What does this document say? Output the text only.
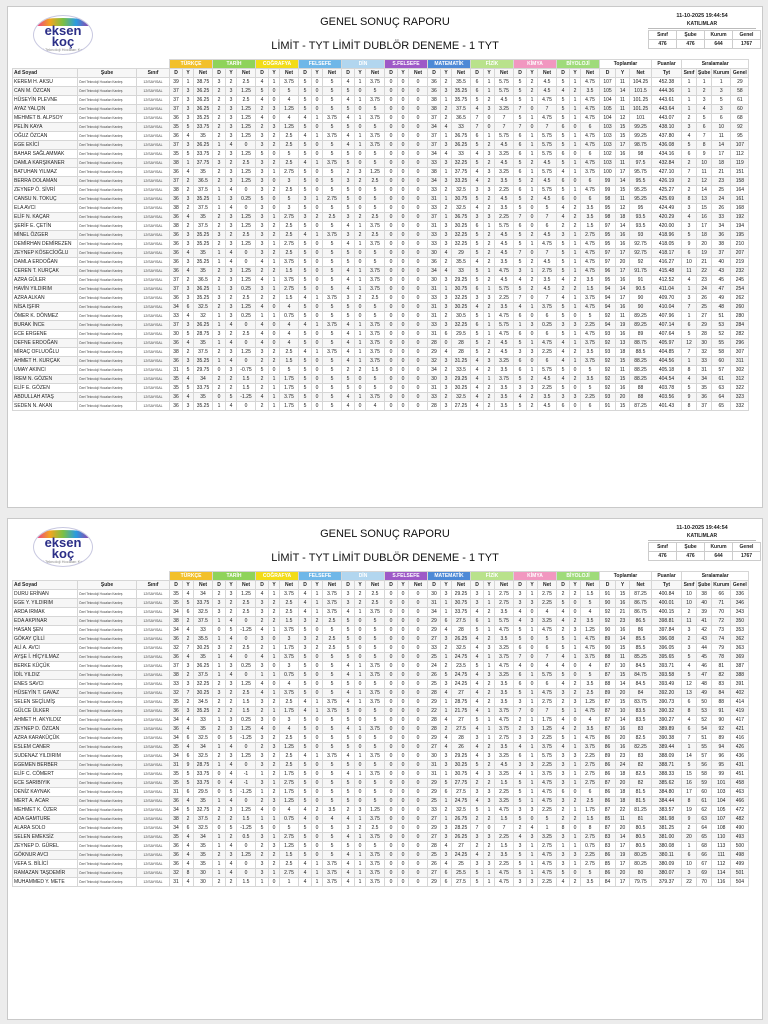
eksen koç
Özel Teknoloji Hocaları Kardeş
GENEL SONUÇ RAPORU
LİMİT - TYT LİMİT DUBLÖR DENEME - 1 TYT
11-10-2025 19:44:54
KATILIMLAR
Sınıf	Şube	Kurum	Genel
476	476	644	1767
			TÜRKÇE			TARİH			COĞRAFYA			FELSEFE			DİN			S.FELSEFE			MATEMATİK			FİZİK			KİMYA			BİYOLOJİ			Toplamlar			Puanlar	Sıralamalar			
Ad Soyad	Şube	Sınıf	D	Y	Net	D	Y	Net	D	Y	Net	D	Y	Net	D	Y	Net	D	Y	Net	D	Y	Net	D	Y	Net	D	Y	Net	D	Y	Net	D	Y	Net	Tyt	Sınıf	Şube	Kurum	Genel
KEREM H. AKSU	Özel Teknoloji Hocaları Kardeş	12/SAYISAL	39	1	38.75	3	2	2.5	4	1	3.75	5	0	5	4	1	3.75	0	0	0	36	2	35.5	6	1	5.75	5	2	4.5	5	1	4.75	107	11	104.25	452.38	1	1	1	29
CAN M. ÖZCAN	Özel Teknoloji Hocaları Kardeş	12/SAYISAL	37	3	36.25	2	3	1.25	5	0	5	5	0	5	5	0	5	0	0	0	36	3	35.25	6	1	5.75	5	2	4.5	4	2	3.5	105	14	101.5	444.36	1	2	3	58
HÜSEYİN PLEVNE	Özel Teknoloji Hocaları Kardeş	12/SAYISAL	37	3	36.25	2	3	2.5	4	0	4	5	0	5	4	1	3.75	0	0	0	38	1	35.75	5	2	4.5	5	1	4.75	5	1	4.75	104	11	101.25	443.61	1	3	5	61
AYAZ YALÇIN	Özel Teknoloji Hocaları Kardeş	12/SAYISAL	37	3	36.25	2	3	1.25	2	3	1.25	5	0	5	5	0	5	0	0	0	38	2	37.5	4	3	3.25	7	0	7	5	1	4.75	105	11	101.25	443.64	1	4	3	60
MEHMET B. ALPSOY	Özel Teknoloji Hocaları Kardeş	12/SAYISAL	36	3	35.25	2	3	1.25	4	0	4	4	1	3.75	4	1	3.75	0	0	0	37	2	36.5	7	0	7	5	1	4.75	5	1	4.75	104	12	101	443.07	2	5	6	68
PELİN KAYA	Özel Teknoloji Hocaları Kardeş	12/SAYISAL	35	5	33.75	2	3	1.25	2	3	1.25	5	0	5	5	0	5	0	0	0	34	4	33	7	0	7	7	0	7	6	0	6	103	15	99.25	438.10	3	6	10	92
OĞUZ ÖZCAN	Özel Teknoloji Hocaları Kardeş	12/SAYISAL	36	4	35	2	3	1.25	3	2	2.5	4	1	3.75	4	1	3.75	0	0	0	37	1	36.75	6	1	5.75	6	1	5.75	5	1	4.75	103	15	99.25	437.80	4	7	11	95
EGE EKİCİ	Özel Teknoloji Hocaları Kardeş	12/SAYISAL	37	3	36.25	1	4	0	3	2	2.5	5	0	5	4	1	3.75	0	0	0	37	3	36.25	5	2	4.5	6	1	5.75	5	1	4.75	103	17	98.75	436.08	5	8	14	107
BAHAR SAĞLAMMAK	Özel Teknoloji Hocaları Kardeş	12/SAYISAL	35	5	33.75	2	3	1.25	5	0	5	5	0	5	5	0	5	0	0	0	34	4	33	4	3	3.25	6	1	5.75	6	0	6	102	16	98	434.16	6	9	17	112
DAMLA KARŞIKANER	Özel Teknoloji Hocaları Kardeş	12/SAYISAL	38	1	37.75	3	2	2.5	3	2	2.5	4	1	3.75	5	0	5	0	0	0	33	3	32.25	5	2	4.5	5	2	4.5	5	1	4.75	103	11	97.5	432.84	2	10	18	119
BATUHAN YILMAZ	Özel Teknoloji Hocaları Kardeş	12/SAYISAL	36	4	35	2	3	1.25	3	1	2.75	5	0	5	2	3	1.25	0	0	0	38	1	37.75	4	3	3.25	6	1	5.75	4	1	3.75	100	17	95.75	427.10	7	11	21	151
BERRA DOLAMAN	Özel Teknoloji Hocaları Kardeş	12/SAYISAL	37	2	36.5	2	3	1.25	3	0	3	5	0	5	3	2	2.5	0	0	0	34	3	33.25	4	2	3.5	5	2	4.5	6	0	6	99	14	95.5	426.19	2	12	23	158
ZEYNEP Ö. SİVRİ	Özel Teknoloji Hocaları Kardeş	12/SAYISAL	38	2	37.5	1	4	0	3	2	2.5	5	0	5	5	0	5	0	0	0	33	2	32.5	3	3	2.25	6	1	5.75	5	1	4.75	99	15	95.25	425.27	2	14	25	164
CANSU N. TOKUÇ	Özel Teknoloji Hocaları Kardeş	12/SAYISAL	36	3	35.25	1	3	0.25	5	0	5	3	1	2.75	5	0	5	0	0	0	31	1	30.75	5	2	4.5	5	2	4.5	6	0	6	98	11	95.25	425.69	8	13	24	161
ELA AVCI	Özel Teknoloji Hocaları Kardeş	12/SAYISAL	38	2	37.5	1	4	0	3	0	3	5	0	5	5	0	5	0	0	0	33	2	32.5	4	2	3.5	5	0	5	4	2	3.5	95	12	95	424.49	3	15	26	168
ELİF N. KAÇAR	Özel Teknoloji Hocaları Kardeş	12/SAYISAL	36	4	35	2	3	1.25	3	1	2.75	3	2	2.5	3	2	2.5	0	0	0	37	1	36.75	3	3	2.25	7	0	7	4	2	3.5	98	18	93.5	420.29	4	16	33	192
ŞERİF E. ÇETİN	Özel Teknoloji Hocaları Kardeş	12/SAYISAL	38	2	37.5	2	3	1.25	3	2	2.5	5	0	5	4	1	3.75	0	0	0	31	3	30.25	6	1	5.75	6	0	6	2	2	1.5	97	14	93.5	420.00	3	17	34	194
MİNEL ÖZGER	Özel Teknoloji Hocaları Kardeş	12/SAYISAL	36	3	35.25	3	2	2.5	3	2	2.5	4	1	3.75	3	2	2.5	0	0	0	33	3	32.25	5	2	4.5	5	2	4.5	3	1	2.75	95	16	93	418.96	5	18	36	195
DEMİRHAN DEMİREZEN	Özel Teknoloji Hocaları Kardeş	12/SAYISAL	36	3	35.25	2	3	1.25	3	1	2.75	5	0	5	4	1	3.75	0	0	0	33	3	32.25	5	2	4.5	5	1	4.75	5	1	4.75	95	16	92.75	418.05	9	20	38	210
ZEYNEP KÖSECİOĞLU	Özel Teknoloji Hocaları Kardeş	12/SAYISAL	36	4	35	1	4	0	3	2	2.5	5	0	5	5	0	5	0	0	0	30	4	29	5	2	4.5	7	0	7	5	1	4.75	97	17	92.75	418.17	6	19	37	207
DAMLA ERDOĞAN	Özel Teknoloji Hocaları Kardeş	12/SAYISAL	36	3	35.25	1	4	0	4	1	3.75	5	0	5	5	0	5	0	0	0	36	2	35.5	4	2	3.5	5	2	4.5	5	1	4.75	97	20	92	416.27	10	21	40	219
CEREN T. KURÇAK	Özel Teknoloji Hocaları Kardeş	12/SAYISAL	36	4	35	2	3	1.25	2	2	1.5	5	0	5	4	1	3.75	0	0	0	34	4	33	5	1	4.75	3	1	2.75	5	1	4.75	96	17	91.75	415.48	11	22	43	232
AZRA GÜLER	Özel Teknoloji Hocaları Kardeş	12/SAYISAL	37	2	36.5	2	3	1.25	4	1	3.75	5	0	5	4	1	3.75	0	0	0	30	3	29.25	5	2	4.5	4	2	3.5	4	2	3.5	95	16	91	412.52	4	23	45	245
HAVİN YILDIRIM	Özel Teknoloji Hocaları Kardeş	12/SAYISAL	37	3	36.25	1	3	0.25	3	1	2.75	5	0	5	4	1	3.75	0	0	0	31	1	30.75	6	1	5.75	5	2	4.5	2	2	1.5	94	14	90.5	411.04	1	24	47	254
AZRA ALKAN	Özel Teknoloji Hocaları Kardeş	12/SAYISAL	36	3	35.25	3	2	2.5	2	2	1.5	4	1	3.75	3	2	2.5	0	0	0	33	3	32.25	3	3	2.25	7	0	7	4	1	3.75	94	17	90	409.70	3	26	49	262
NİSA IŞFIR	Özel Teknoloji Hocaları Kardeş	12/SAYISAL	34	6	32.5	2	3	1.25	4	0	4	5	0	5	5	0	5	0	0	0	31	3	30.25	4	2	3.5	4	1	3.75	5	1	4.75	94	16	90	410.04	7	25	48	260
ÖMER K. DÖNMEZ	Özel Teknoloji Hocaları Kardeş	12/SAYISAL	33	4	32	1	3	0.25	1	1	0.75	5	0	5	5	0	5	0	0	0	31	2	30.5	5	1	4.75	6	0	6	5	0	5	92	11	89.25	407.96	1	27	51	280
BURAK İNCE	Özel Teknoloji Hocaları Kardeş	12/SAYISAL	37	3	36.25	1	4	0	4	0	4	4	1	3.75	4	1	3.75	0	0	0	33	3	32.25	6	1	5.75	1	3	0.25	3	3	2.25	94	19	89.25	407.14	6	29	53	284
ECE ERGENE	Özel Teknoloji Hocaları Kardeş	12/SAYISAL	30	5	28.75	3	2	2.5	4	0	4	5	0	5	4	1	3.75	0	0	0	31	6	29.5	5	1	4.75	6	0	6	5	1	4.75	93	16	89	407.64	5	28	52	282
DEFNE ERDOĞAN	Özel Teknoloji Hocaları Kardeş	12/SAYISAL	36	4	35	1	4	0	4	0	4	5	0	5	4	1	3.75	0	0	0	28	0	28	5	2	4.5	5	1	4.75	4	1	3.75	92	13	88.75	405.97	12	30	55	296
MİRAÇ OFLUOĞLU	Özel Teknoloji Hocaları Kardeş	12/SAYISAL	38	2	37.5	2	3	1.25	3	2	2.5	4	1	3.75	4	1	3.75	0	0	0	29	4	28	5	2	4.5	3	3	2.25	4	2	3.5	93	18	88.5	404.85	7	32	58	307
AHMET H. KURÇAK	Özel Teknoloji Hocaları Kardeş	12/SAYISAL	36	3	35.25	1	4	0	2	2	1.5	5	0	5	4	1	3.75	0	0	0	32	3	31.25	4	3	3.25	6	0	6	4	1	3.75	92	15	88.25	404.56	1	33	60	311
UMAY AKINCI	Özel Teknoloji Hocaları Kardeş	12/SAYISAL	31	5	29.75	0	3	-0.75	5	0	5	5	0	5	2	2	1.5	0	0	0	34	2	33.5	4	2	3.5	6	1	5.75	5	0	5	92	11	88.25	405.18	8	31	57	302
İREM N. GÖZEN	Özel Teknoloji Hocaları Kardeş	12/SAYISAL	35	4	34	2	2	1.5	2	1	1.75	5	0	5	5	0	5	0	0	0	30	3	29.25	4	1	3.75	5	2	4.5	4	2	3.5	92	15	88.25	404.54	4	34	61	312
ELİF E. GÖZEN	Özel Teknoloji Hocaları Kardeş	12/SAYISAL	35	5	33.75	2	2	1.5	2	1	1.75	5	0	5	5	0	5	0	0	0	31	3	30.25	4	2	3.5	3	3	2.25	5	0	5	92	16	88	403.78	5	35	63	322
ABDULLAH ATAŞ	Özel Teknoloji Hocaları Kardeş	12/SAYISAL	36	4	35	0	5	-1.25	4	1	3.75	5	0	5	4	1	3.75	0	0	0	33	2	32.5	4	2	3.5	4	2	3.5	3	3	2.25	93	20	88	403.56	9	36	64	323
SEDEN N. AKAN	Özel Teknoloji Hocaları Kardeş	12/SAYISAL	36	3	35.25	1	4	0	2	1	1.75	5	0	5	4	0	4	0	0	0	28	3	27.25	4	2	3.5	5	2	4.5	6	0	6	91	15	87.25	401.43	8	37	65	332
eksen koç
Özel Teknoloji Hocaları Kardeş
GENEL SONUÇ RAPORU
LİMİT - TYT LİMİT DUBLÖR DENEME - 1 TYT
11-10-2025 19:44:54
KATILIMLAR
Sınıf	Şube	Kurum	Genel
476	476	644	1767
			TÜRKÇE			TARİH			COĞRAFYA			FELSEFE			DİN			S.FELSEFE			MATEMATİK			FİZİK			KİMYA			BİYOLOJİ			Toplamlar			Puanlar	Sıralamalar			
Ad Soyad	Şube	Sınıf	D	Y	Net	D	Y	Net	D	Y	Net	D	Y	Net	D	Y	Net	D	Y	Net	D	Y	Net	D	Y	Net	D	Y	Net	D	Y	Net	D	Y	Net	Tyt	Sınıf	Şube	Kurum	Genel
DURU ERİNAN	Özel Teknoloji Hocaları Kardeş	12/SAYISAL	35	4	34	2	3	1.25	4	1	3.75	4	1	3.75	3	2	2.5	0	0	0	30	3	29.25	3	1	2.75	3	1	2.75	2	2	1.5	91	15	87.25	400.84	10	38	66	336
EGE Y. YILDIRIM	Özel Teknoloji Hocaları Kardeş	12/SAYISAL	35	5	33.75	3	2	2.5	3	2	2.5	4	1	3.75	3	2	2.5	0	0	0	31	1	30.75	3	1	2.75	3	3	2.25	5	0	5	90	16	86.75	400.01	10	40	71	346
ARDA IRMAK	Özel Teknoloji Hocaları Kardeş	12/SAYISAL	34	6	32.5	3	2	2.5	3	2	2.5	4	1	3.75	4	1	3.75	0	0	0	34	1	33.75	4	2	3.5	4	0	4	4	0	4	92	21	86.75	400.15	2	39	70	343
EDA AKPINAR	Özel Teknoloji Hocaları Kardeş	12/SAYISAL	38	2	37.5	1	4	0	2	2	1.5	3	2	2.5	5	0	5	0	0	0	29	6	27.5	6	1	5.75	4	3	3.25	4	2	3.5	92	23	86.5	398.81	11	41	72	350
HASAN ŞEN	Özel Teknoloji Hocaları Kardeş	12/SAYISAL	34	4	33	0	5	-1.25	4	1	3.75	5	0	5	5	0	5	0	0	0	29	4	28	5	1	4.75	5	1	4.75	2	3	1.25	90	16	86	397.84	3	42	73	353
GÖKAY ÇİLLİ	Özel Teknoloji Hocaları Kardeş	12/SAYISAL	36	2	35.5	1	4	0	3	0	3	3	2	2.5	5	0	5	0	0	0	27	3	26.25	4	2	3.5	5	0	5	5	1	4.75	89	14	85.5	396.08	2	43	74	362
ALİ A. AVCI	Özel Teknoloji Hocaları Kardeş	12/SAYISAL	32	7	30.25	3	2	2.5	2	1	1.75	3	2	2.5	5	0	5	0	0	0	33	2	32.5	4	3	3.25	6	0	6	5	1	4.75	90	15	85.5	396.05	3	44	79	363
AYŞE İ. HİÇYILMAZ	Özel Teknoloji Hocaları Kardeş	12/SAYISAL	36	4	35	1	4	0	4	1	3.75	5	0	5	5	0	5	0	0	0	25	1	24.75	4	1	3.75	7	0	7	4	1	3.75	88	11	85.25	395.65	5	45	78	369
BERKE KÜÇÜK	Özel Teknoloji Hocaları Kardeş	12/SAYISAL	37	3	36.25	1	3	0.25	3	0	3	5	0	5	4	1	3.75	0	0	0	24	2	23.5	5	1	4.75	4	0	4	4	0	4	87	10	84.5	393.71	4	46	81	387
İDİL YILDIZ	Özel Teknoloji Hocaları Kardeş	12/SAYISAL	38	2	37.5	1	4	0	1	1	0.75	5	0	5	4	1	3.75	0	0	0	26	5	24.75	4	3	3.25	6	1	5.75	5	0	5	87	15	84.75	393.58	5	47	82	388
ENES SAVCI	Özel Teknoloji Hocaları Kardeş	12/SAYISAL	33	3	32.25	2	3	1.25	4	0	4	5	0	5	5	0	5	0	0	0	25	3	24.25	4	2	3.5	6	0	6	4	2	3.5	88	14	84.5	393.49	12	48	83	391
HÜSEYİN T. GAVAZ	Özel Teknoloji Hocaları Kardeş	12/SAYISAL	32	7	30.25	3	2	2.5	4	1	3.75	5	0	5	4	1	3.75	0	0	0	28	4	27	4	2	3.5	5	1	4.75	3	2	2.5	89	20	84	392.20	13	49	84	402
SELEN SEÇİLMİŞ	Özel Teknoloji Hocaları Kardeş	12/SAYISAL	35	2	34.5	2	2	1.5	3	2	2.5	4	1	3.75	4	1	3.75	0	0	0	29	1	28.75	4	2	3.5	3	1	2.75	2	3	1.25	87	15	83.75	390.73	6	50	88	414
GÜLCE ÜLKER	Özel Teknoloji Hocaları Kardeş	12/SAYISAL	36	3	35.25	2	2	1.5	2	1	1.75	4	1	3.75	5	0	5	0	0	0	22	1	21.75	4	1	3.75	7	0	7	5	1	4.75	87	10	83.5	390.32	8	53	91	419
AHMET H. AKYILDIZ	Özel Teknoloji Hocaları Kardeş	12/SAYISAL	34	4	33	1	3	0.25	3	0	3	5	0	5	5	0	5	0	0	0	28	4	27	5	1	4.75	2	1	1.75	4	0	4	87	14	83.5	390.27	4	52	90	417
ZEYNEP D. ÖZCAN	Özel Teknoloji Hocaları Kardeş	12/SAYISAL	36	4	35	2	3	1.25	4	0	4	5	0	5	4	1	3.75	0	0	0	28	2	27.5	4	1	3.75	2	3	1.25	4	2	3.5	87	16	83	389.89	6	54	92	421
AZRA KARAKÜÇÜK	Özel Teknoloji Hocaları Kardeş	12/SAYISAL	34	6	32.5	0	5	-1.25	3	2	2.5	5	0	5	5	0	5	0	0	0	29	4	28	3	1	2.75	3	3	2.25	5	1	4.75	86	20	82.5	390.38	7	51	89	416
ESLEM CANER	Özel Teknoloji Hocaları Kardeş	12/SAYISAL	35	4	34	1	4	0	2	3	1.25	5	0	5	5	0	5	0	0	0	27	4	26	4	2	3.5	4	1	3.75	4	1	3.75	86	16	82.25	389.44	1	55	94	426
SUDENAZ YILDIRIM	Özel Teknoloji Hocaları Kardeş	12/SAYISAL	34	6	32.5	2	3	1.25	3	2	2.5	4	1	3.75	4	1	3.75	0	0	0	30	3	29.25	4	3	3.25	6	1	5.75	3	3	2.25	89	23	83	388.09	14	57	96	436
EGEMEN BERBER	Özel Teknoloji Hocaları Kardeş	12/SAYISAL	31	9	28.75	1	4	0	3	2	2.5	5	0	5	5	0	5	0	0	0	31	3	30.25	5	2	4.5	3	3	2.25	3	1	2.75	86	24	82	388.71	5	56	95	431
ELİF C. CÖMERT	Özel Teknoloji Hocaları Kardeş	12/SAYISAL	35	5	33.75	0	4	-1	1	2	1.75	5	0	5	4	1	3.75	0	0	0	31	1	30.75	4	3	3.25	4	1	3.75	3	1	2.75	86	18	82.5	388.33	15	58	99	451
ECE SARIBIYIK	Özel Teknoloji Hocaları Kardeş	12/SAYISAL	35	5	33.75	0	4	-1	3	1	2.75	5	0	5	5	0	5	0	0	0	29	5	27.75	2	2	1.5	5	1	4.75	3	1	2.75	87	20	82	385.62	16	59	101	458
DENİZ KAYNAK	Özel Teknoloji Hocaları Kardeş	12/SAYISAL	31	6	29.5	0	5	-1.25	1	2	1.75	5	0	5	5	0	5	0	0	0	29	6	27.5	3	3	2.25	5	1	4.75	6	0	6	86	18	81.5	384.80	17	60	103	463
MERT A. ACAR	Özel Teknoloji Hocaları Kardeş	12/SAYISAL	36	4	35	1	4	0	2	3	1.25	5	0	5	5	0	5	0	0	0	25	1	24.75	4	3	3.25	5	1	4.75	3	2	2.5	86	18	81.5	384.44	8	61	104	466
MEHMET K. ÖZER	Özel Teknoloji Hocaları Kardeş	12/SAYISAL	34	5	32.75	2	3	1.25	4	0	4	4	2	3.5	2	3	1.25	0	0	0	33	2	32.5	5	1	4.75	3	3	2.25	2	1	1.75	87	22	81.25	383.57	19	62	105	472
ADA GAMTURE	Özel Teknoloji Hocaları Kardeş	12/SAYISAL	38	2	37.5	2	2	1.5	1	1	0.75	4	0	4	4	1	3.75	0	0	0	27	1	26.75	2	2	1.5	5	0	5	2	2	1.5	85	11	81	381.98	9	63	107	482
ALARA SOLO	Özel Teknoloji Hocaları Kardeş	12/SAYISAL	34	6	32.5	0	5	-1.25	5	0	5	5	0	5	3	2	2.5	0	0	0	29	3	28.25	7	0	7	2	4	1	8	0	8	87	20	80.5	381.25	2	64	108	490
SELEN EMEKSİZ	Özel Teknoloji Hocaları Kardeş	12/SAYISAL	35	4	34	1	2	0.5	3	1	2.75	5	0	5	4	1	3.75	0	0	0	27	3	26.25	3	3	2.25	4	3	3.25	3	1	2.75	83	14	80.5	381.00	20	65	110	493
ZEYNEP D. GÜREL	Özel Teknoloji Hocaları Kardeş	12/SAYISAL	36	4	35	1	4	0	2	3	1.25	5	0	5	5	0	5	0	0	0	28	4	27	2	2	1.5	3	1	2.75	1	1	0.75	83	17	80.5	380.08	1	68	113	500
GÖKNUR AVCI	Özel Teknoloji Hocaları Kardeş	12/SAYISAL	36	4	35	2	3	1.25	2	2	1.5	5	0	5	4	1	3.75	0	0	0	25	3	24.25	4	2	3.5	5	1	4.75	3	3	2.25	86	19	80.25	380.11	6	66	111	498
VEFA S. BİLİCİ	Özel Teknoloji Hocaları Kardeş	12/SAYISAL	36	4	35	1	4	0	3	2	2.5	4	1	3.75	4	1	3.75	0	0	0	26	4	25	3	3	2.25	5	1	4.75	3	1	2.75	85	17	80.25	380.09	10	67	112	499
RAMAZAN TAŞDEMİR	Özel Teknoloji Hocaları Kardeş	12/SAYISAL	32	8	30	1	4	0	3	1	2.75	4	1	3.75	4	1	3.75	0	0	0	27	6	25.5	5	1	4.75	5	1	4.75	5	0	5	86	20	80	380.07	3	69	114	501
MUHAMMED Y. METE	Özel Teknoloji Hocaları Kardeş	12/SAYISAL	31	4	30	2	2	1.5	1	0	1	4	1	3.75	4	1	3.75	0	0	0	29	6	27.5	5	1	4.75	3	3	2.25	4	2	3.5	84	17	79.75	379.37	22	70	116	504
